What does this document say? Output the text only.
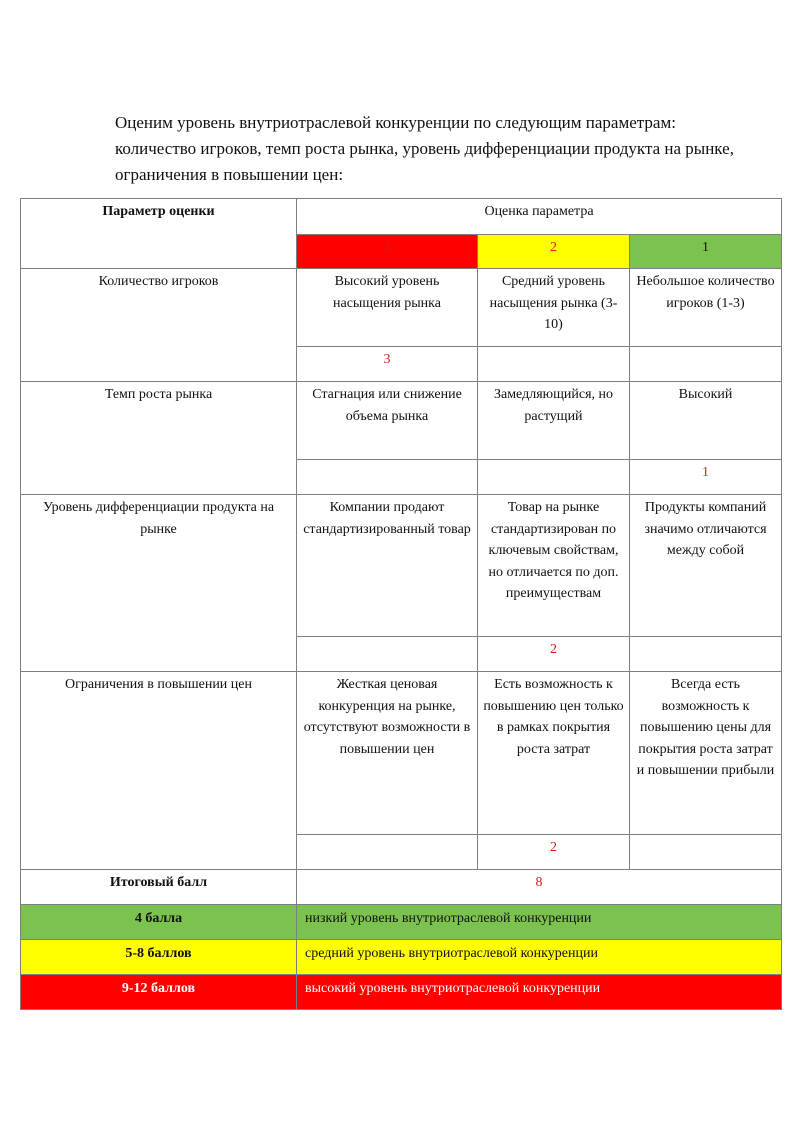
Оценим уровень внутриотраслевой конкуренции по следующим параметрам: количество игроков, темп роста рынка, уровень дифференциации продукта на рынке, ограничения в повышении цен:

Параметр оценки	Оценка параметра		
	3	2	1
Количество игроков	Высокий уровень насыщения рынка	Средний уровень насыщения рынка (3-10)	Небольшое количество игроков (1-3)
	3		
Темп роста рынка	Стагнация или снижение объема рынка	Замедляющийся, но растущий	Высокий
			1
Уровень дифференциации продукта на рынке	Компании продают стандартизированный товар	Товар на рынке стандартизирован по ключевым свойствам, но отличается по доп. преимуществам	Продукты компаний значимо отличаются между собой
		2	
Ограничения в повышении цен	Жесткая ценовая конкуренция на рынке, отсутствуют возможности в повышении цен	Есть возможность к повышению цен только в рамках покрытия роста затрат	Всегда есть возможность к повышению цены для покрытия роста затрат и повышении прибыли
		2	
Итоговый балл	8		
4 балла	низкий уровень внутриотраслевой конкуренции		
5-8 баллов	средний уровень внутриотраслевой конкуренции		
9-12 баллов	высокий уровень внутриотраслевой конкуренции		
